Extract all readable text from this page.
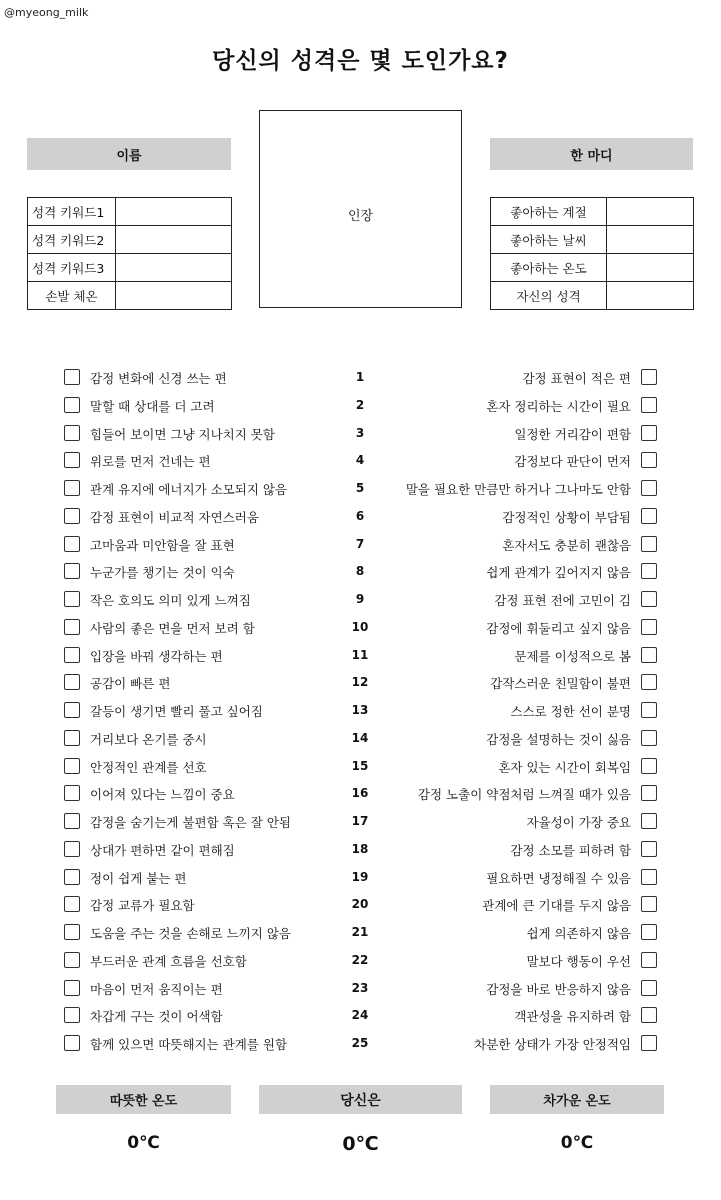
@myeong_milk
당신의 성격은 몇 도인가요?
이름
성격 키워드1	
성격 키워드2	
성격 키워드3	
손발 체온	
인장
한 마디
좋아하는 계절	
좋아하는 날씨	
좋아하는 온도	
자신의 성격	
감정 변화에 신경 쓰는 편	1	감정 표현이 적은 편
말할 때 상대를 더 고려	2	혼자 정리하는 시간이 필요
힘들어 보이면 그냥 지나치지 못함	3	일정한 거리감이 편함
위로를 먼저 건네는 편	4	감정보다 판단이 먼저
관계 유지에 에너지가 소모되지 않음	5	말을 필요한 만큼만 하거나 그나마도 안함
감정 표현이 비교적 자연스러움	6	감정적인 상황이 부담됨
고마움과 미안함을 잘 표현	7	혼자서도 충분히 괜찮음
누군가를 챙기는 것이 익숙	8	쉽게 관계가 깊어지지 않음
작은 호의도 의미 있게 느껴짐	9	감정 표현 전에 고민이 김
사람의 좋은 면을 먼저 보려 함	10	감정에 휘둘리고 싶지 않음
입장을 바꿔 생각하는 편	11	문제를 이성적으로 봄
공감이 빠른 편	12	갑작스러운 친밀함이 불편
갈등이 생기면 빨리 풀고 싶어짐	13	스스로 정한 선이 분명
거리보다 온기를 중시	14	감정을 설명하는 것이 싫음
안정적인 관계를 선호	15	혼자 있는 시간이 회복임
이어져 있다는 느낌이 중요	16	감정 노출이 약점처럼 느껴질 때가 있음
감정을 숨기는게 불편함 혹은 잘 안됨	17	자율성이 가장 중요
상대가 편하면 같이 편해짐	18	감정 소모를 피하려 함
정이 쉽게 붙는 편	19	필요하면 냉정해질 수 있음
감정 교류가 필요함	20	관계에 큰 기대를 두지 않음
도움을 주는 것을 손해로 느끼지 않음	21	쉽게 의존하지 않음
부드러운 관계 흐름을 선호함	22	말보다 행동이 우선
마음이 먼저 움직이는 편	23	감정을 바로 반응하지 않음
차갑게 구는 것이 어색함	24	객관성을 유지하려 함
함께 있으면 따뜻해지는 관계를 원함	25	차분한 상태가 가장 안정적임
따뜻한 온도	당신은	차가운 온도
0℃	0℃	0℃
